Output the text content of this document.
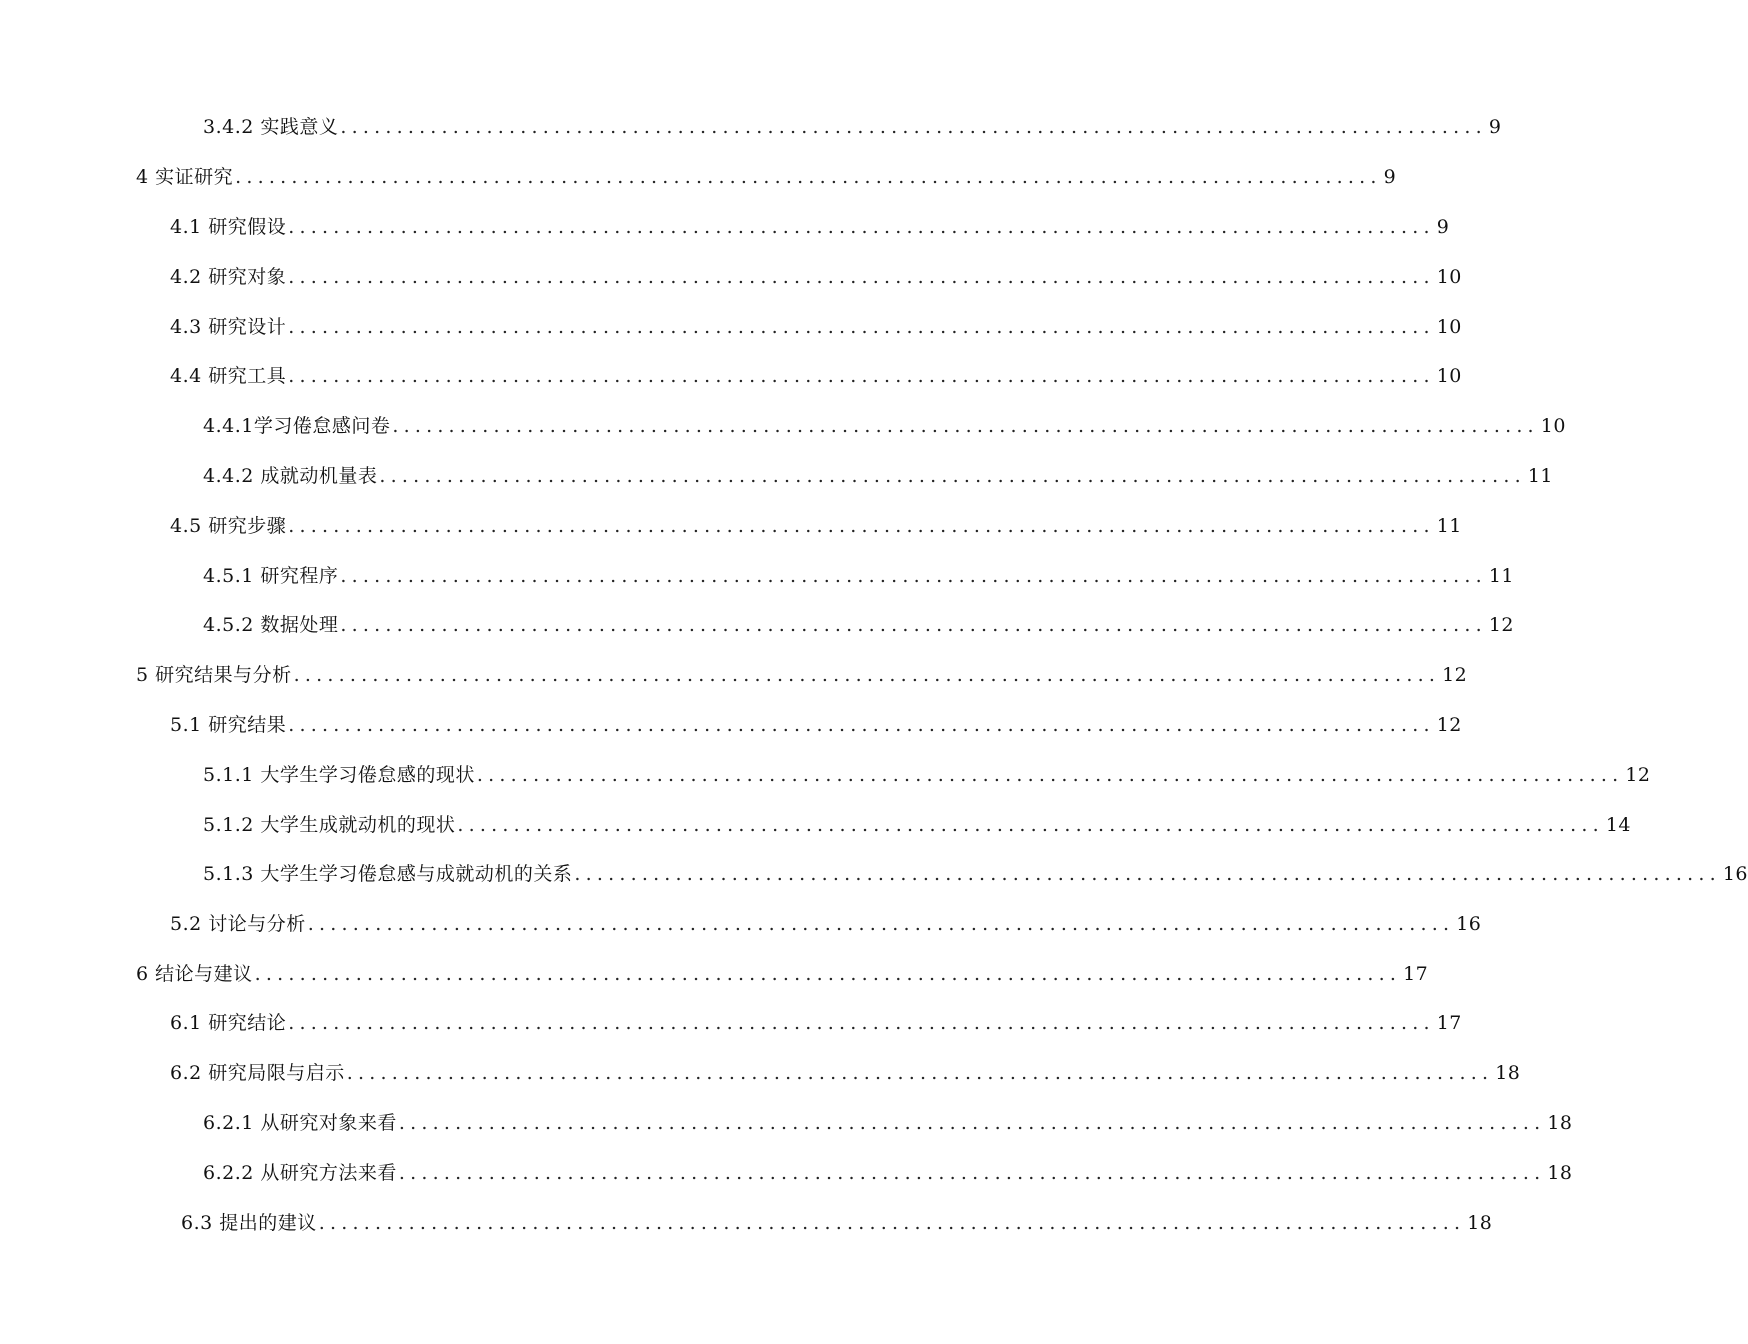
3.4.2 实践意义 ...................................................................................................... 9
4 实证研究 ...................................................................................................... 9
4.1 研究假设 ...................................................................................................... 9
4.2 研究对象 ...................................................................................................... 10
4.3 研究设计 ...................................................................................................... 10
4.4 研究工具 ...................................................................................................... 10
4.4.1学习倦怠感问卷 ...................................................................................................... 10
4.4.2 成就动机量表 ...................................................................................................... 11
4.5 研究步骤 ...................................................................................................... 11
4.5.1 研究程序 ...................................................................................................... 11
4.5.2 数据处理 ...................................................................................................... 12
5 研究结果与分析 ...................................................................................................... 12
5.1 研究结果 ...................................................................................................... 12
5.1.1 大学生学习倦怠感的现状 ...................................................................................................... 12
5.1.2 大学生成就动机的现状 ...................................................................................................... 14
5.1.3 大学生学习倦怠感与成就动机的关系 ...................................................................................................... 16
5.2 讨论与分析 ...................................................................................................... 16
6 结论与建议 ...................................................................................................... 17
6.1 研究结论 ...................................................................................................... 17
6.2 研究局限与启示 ...................................................................................................... 18
6.2.1 从研究对象来看 ...................................................................................................... 18
6.2.2 从研究方法来看 ...................................................................................................... 18
6.3 提出的建议 ...................................................................................................... 18
